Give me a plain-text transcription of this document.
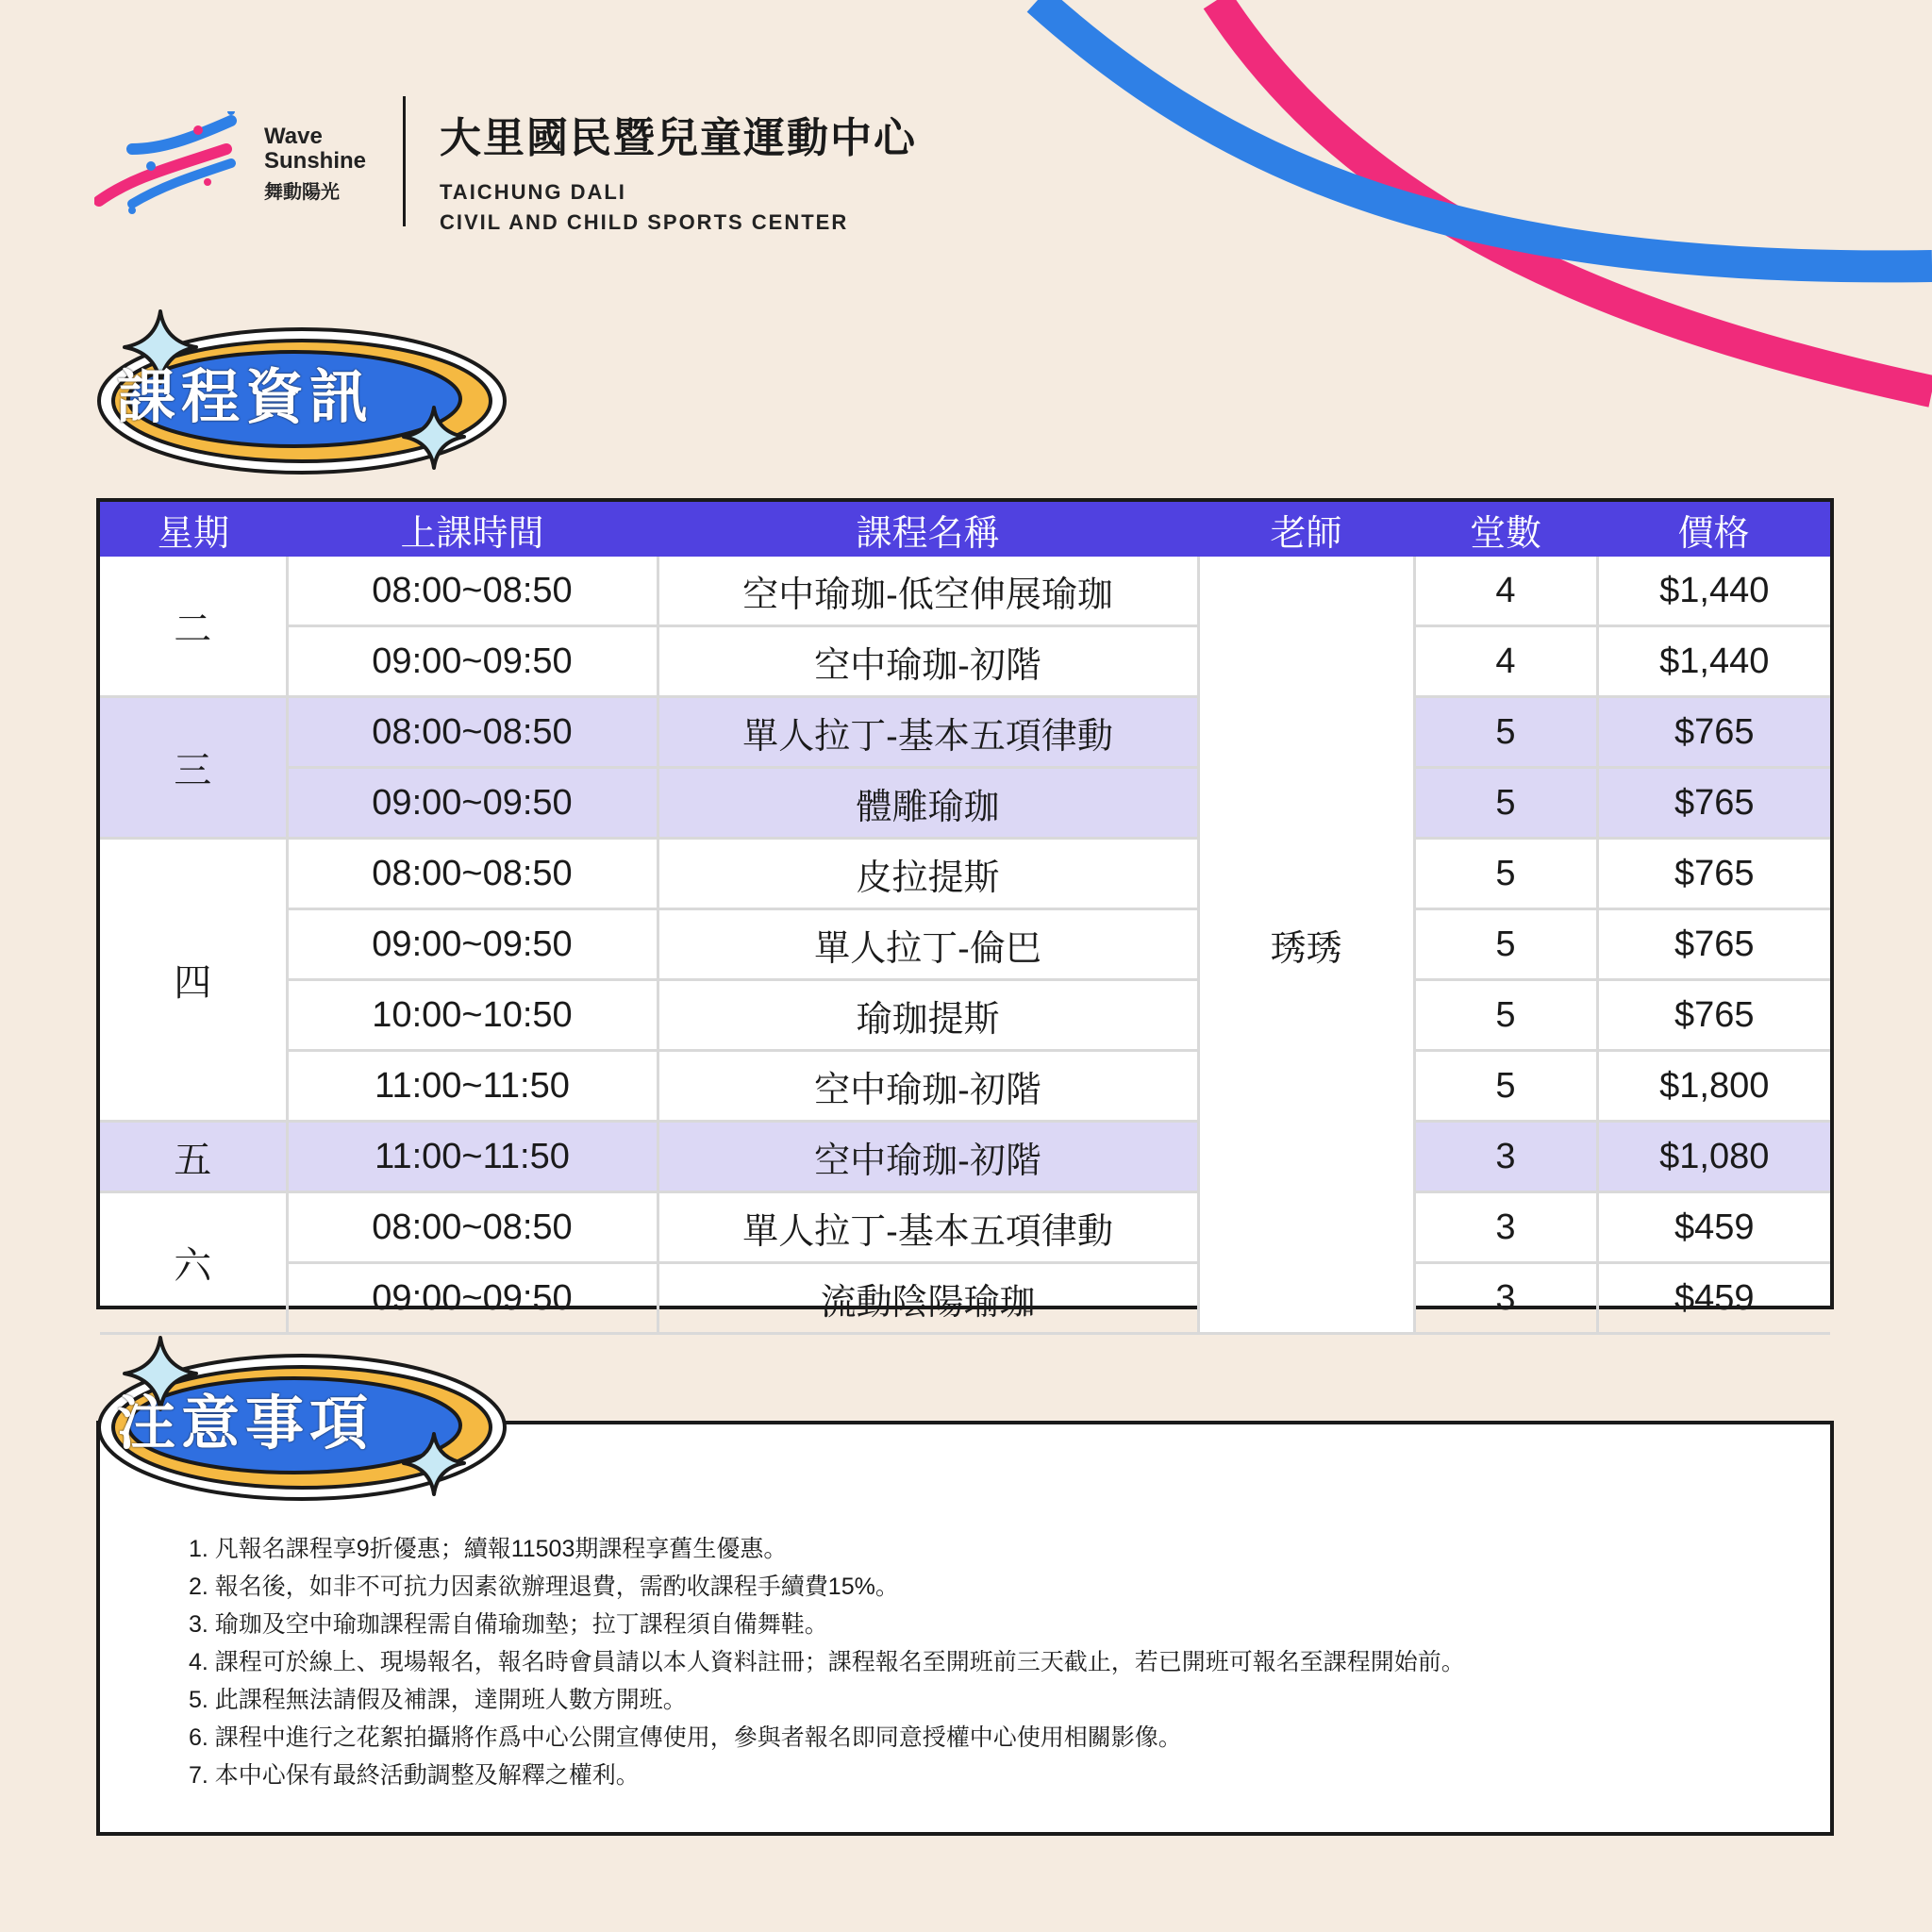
Wave
Sunshine
舞動陽光
大里國民暨兒童運動中心
TAICHUNG DALI
CIVIL AND CHILD SPORTS CENTER
課程資訊
星期	上課時間	課程名稱	老師	堂數	價格
二	08:00~08:50	空中瑜珈-低空伸展瑜珈	琇琇	4	$1,440
	09:00~09:50	空中瑜珈-初階		4	$1,440
三	08:00~08:50	單人拉丁-基本五項律動		5	$765
	09:00~09:50	體雕瑜珈		5	$765
四	08:00~08:50	皮拉提斯		5	$765
	09:00~09:50	單人拉丁-倫巴		5	$765
	10:00~10:50	瑜珈提斯		5	$765
	11:00~11:50	空中瑜珈-初階		5	$1,800
五	11:00~11:50	空中瑜珈-初階		3	$1,080
六	08:00~08:50	單人拉丁-基本五項律動		3	$459
	09:00~09:50	流動陰陽瑜珈		3	$459
注意事項
1. 凡報名課程享9折優惠；續報11503期課程享舊生優惠。
2. 報名後，如非不可抗力因素欲辦理退費，需酌收課程手續費15%。
3. 瑜珈及空中瑜珈課程需自備瑜珈墊；拉丁課程須自備舞鞋。
4. 課程可於線上、現場報名，報名時會員請以本人資料註冊；課程報名至開班前三天截止，若已開班可報名至課程開始前。
5. 此課程無法請假及補課，達開班人數方開班。
6. 課程中進行之花絮拍攝將作爲中心公開宣傳使用，參與者報名即同意授權中心使用相關影像。
7. 本中心保有最終活動調整及解釋之權利。
